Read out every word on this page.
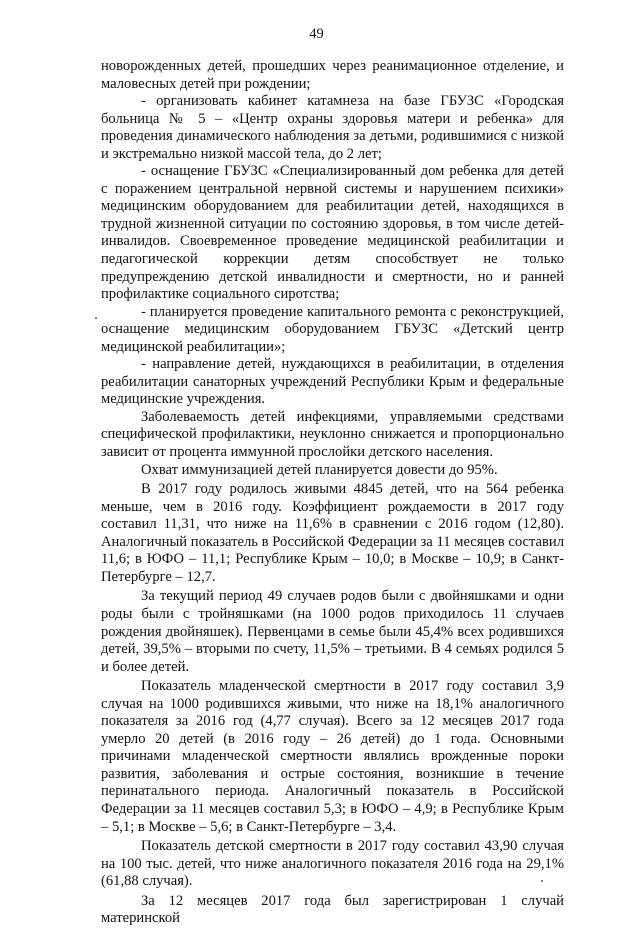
49

новорожденных детей, прошедших через реанимационное отделение, и маловесных детей при рождении;

- организовать кабинет катамнеза на базе ГБУЗС «Городская больница № 5 – «Центр охраны здоровья матери и ребенка» для проведения динамического наблюдения за детьми, родившимися с низкой и экстремально низкой массой тела, до 2 лет;

- оснащение ГБУЗС «Специализированный дом ребенка для детей с поражением центральной нервной системы и нарушением психики» медицинским оборудованием для реабилитации детей, находящихся в трудной жизненной ситуации по состоянию здоровья, в том числе детей-инвалидов. Своевременное проведение медицинской реабилитации и педагогической коррекции детям способствует не только предупреждению детской инвалидности и смертности, но и ранней профилактике социального сиротства;

- планируется проведение капитального ремонта с реконструкцией, оснащение медицинским оборудованием ГБУЗС «Детский центр медицинской реабилитации»;

- направление детей, нуждающихся в реабилитации, в отделения реабилитации санаторных учреждений Республики Крым и федеральные медицинские учреждения.

Заболеваемость детей инфекциями, управляемыми средствами специфической профилактики, неуклонно снижается и пропорционально зависит от процента иммунной прослойки детского населения.

Охват иммунизацией детей планируется довести до 95%.

В 2017 году родилось живыми 4845 детей, что на 564 ребенка меньше, чем в 2016 году. Коэффициент рождаемости в 2017 году составил 11,31, что ниже на 11,6% в сравнении с 2016 годом (12,80). Аналогичный показатель в Российской Федерации за 11 месяцев составил 11,6; в ЮФО – 11,1; Республике Крым – 10,0; в Москве – 10,9; в Санкт-Петербурге – 12,7.

За текущий период 49 случаев родов были с двойняшками и одни роды были с тройняшками (на 1000 родов приходилось 11 случаев рождения двойняшек). Первенцами в семье были 45,4% всех родившихся детей, 39,5% – вторыми по счету, 11,5% – третьими. В 4 семьях родился 5 и более детей.

Показатель младенческой смертности в 2017 году составил 3,9 случая на 1000 родившихся живыми, что ниже на 18,1% аналогичного показателя за 2016 год (4,77 случая). Всего за 12 месяцев 2017 года умерло 20 детей (в 2016 году – 26 детей) до 1 года. Основными причинами младенческой смертности являлись врожденные пороки развития, заболевания и острые состояния, возникшие в течение перинатального периода. Аналогичный показатель в Российской Федерации за 11 месяцев составил 5,3; в ЮФО – 4,9; в Республике Крым – 5,1; в Москве – 5,6; в Санкт-Петербурге – 3,4.

Показатель детской смертности в 2017 году составил 43,90 случая на 100 тыс. детей, что ниже аналогичного показателя 2016 года на 29,1% (61,88 случая).

За 12 месяцев 2017 года был зарегистрирован 1 случай материнской
